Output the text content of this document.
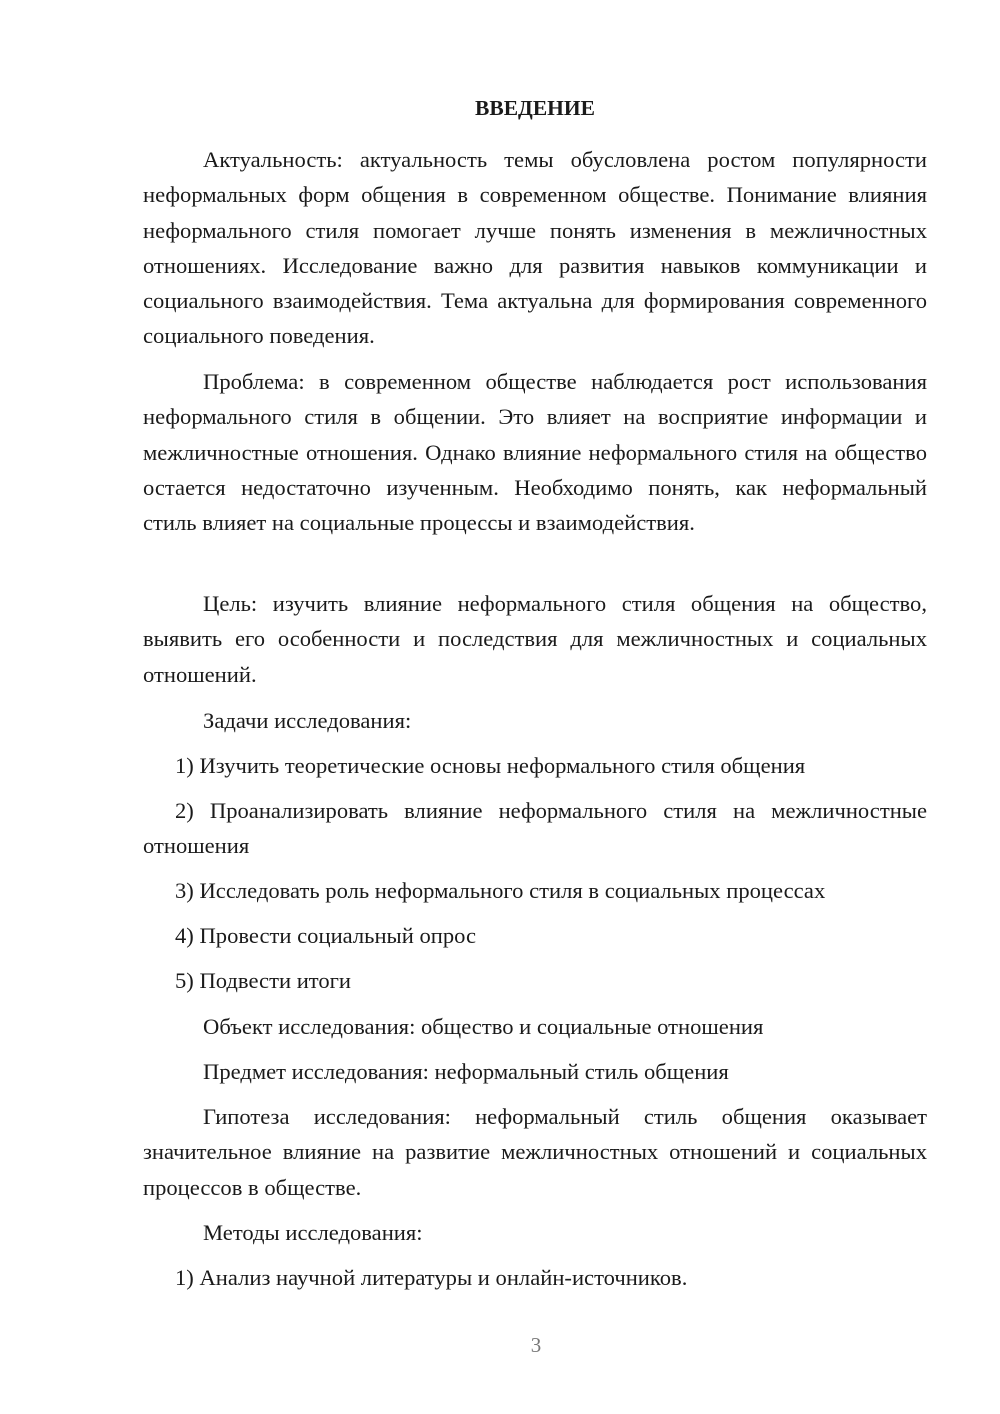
ВВЕДЕНИЕ

Актуальность: актуальность темы обусловлена ростом популярности неформальных форм общения в современном обществе. Понимание влияния неформального стиля помогает лучше понять изменения в межличностных отношениях. Исследование важно для развития навыков коммуникации и социального взаимодействия. Тема актуальна для формирования современного социального поведения.

Проблема: в современном обществе наблюдается рост использования неформального стиля в общении. Это влияет на восприятие информации и межличностные отношения. Однако влияние неформального стиля на общество остается недостаточно изученным. Необходимо понять, как неформальный стиль влияет на социальные процессы и взаимодействия.

Цель: изучить влияние неформального стиля общения на общество, выявить его особенности и последствия для межличностных и социальных отношений.

Задачи исследования:

1) Изучить теоретические основы неформального стиля общения

2) Проанализировать влияние неформального стиля на межличностные отношения

3) Исследовать роль неформального стиля в социальных процессах

4) Провести социальный опрос

5) Подвести итоги

Объект исследования: общество и социальные отношения

Предмет исследования: неформальный стиль общения

Гипотеза исследования: неформальный стиль общения оказывает значительное влияние на развитие межличностных отношений и социальных процессов в обществе.

Методы исследования:

1) Анализ научной литературы и онлайн-источников.

3
